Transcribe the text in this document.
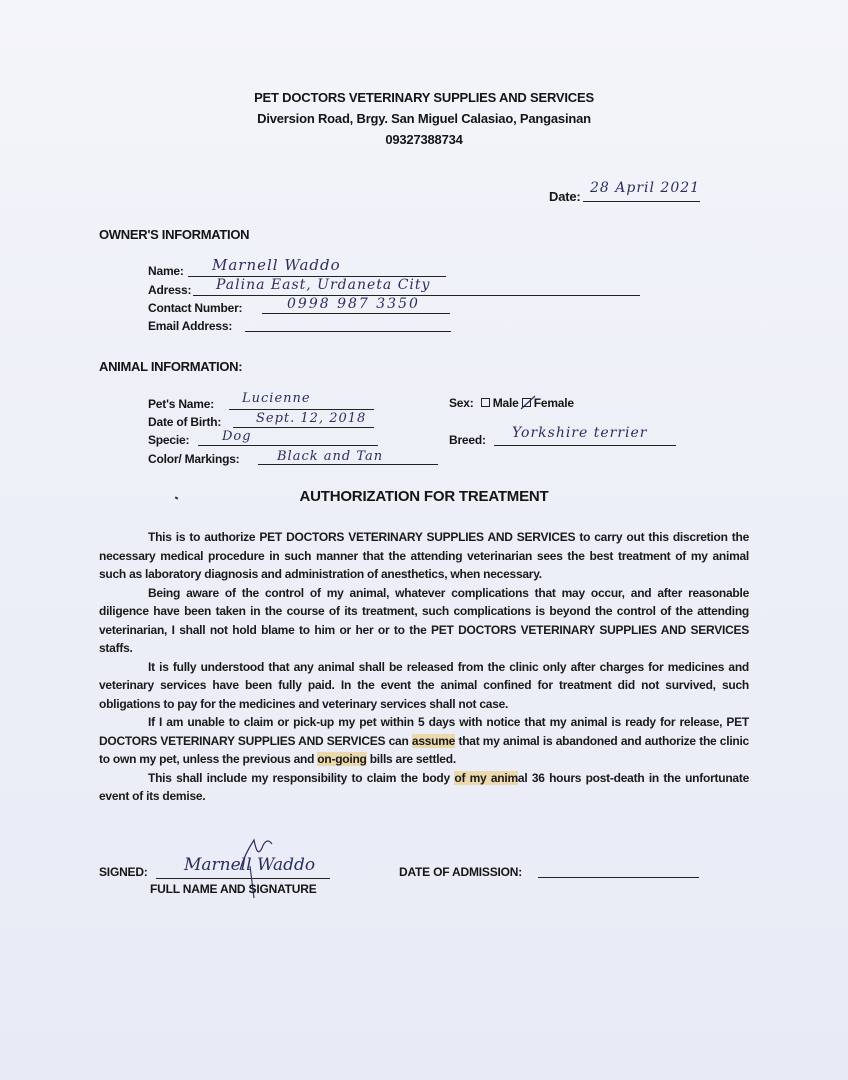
PET DOCTORS VETERINARY SUPPLIES AND SERVICES
Diversion Road, Brgy. San Miguel Calasiao, Pangasinan
09327388734
Date:
28 April 2021
OWNER'S INFORMATION
Name: Marnell Waddo
Adress: Palina East, Urdaneta City
Contact Number:	0998 987 3350
Email Address:
ANIMAL INFORMATION:
Pet's Name: Lucienne
Date of Birth:	Sept. 12, 2018
Specie:	Dog
Color/ Markings:	Black and Tan
Sex: Male Female
Breed: Yorkshire terrier
AUTHORIZATION FOR TREATMENT

This is to authorize PET DOCTORS VETERINARY SUPPLIES AND SERVICES to carry out this discretion the necessary medical procedure in such manner that the attending veterinarian sees the best treatment of my animal such as laboratory diagnosis and administration of anesthetics, when necessary.

Being aware of the control of my animal, whatever complications that may occur, and after reasonable diligence have been taken in the course of its treatment, such complications is beyond the control of the attending veterinarian, I shall not hold blame to him or her or to the PET DOCTORS VETERINARY SUPPLIES AND SERVICES staffs.

It is fully understood that any animal shall be released from the clinic only after charges for medicines and veterinary services have been fully paid. In the event the animal confined for treatment did not survived, such obligations to pay for the medicines and veterinary services shall not case.

If I am unable to claim or pick-up my pet within 5 days with notice that my animal is ready for release, PET DOCTORS VETERINARY SUPPLIES AND SERVICES can assume that my animal is abandoned and authorize the clinic to own my pet, unless the previous and on-going bills are settled.

This shall include my responsibility to claim the body of my animal 36 hours post-death in the unfortunate event of its demise.

SIGNED: Marnell Waddo
FULL NAME AND SIGNATURE
DATE OF ADMISSION:
